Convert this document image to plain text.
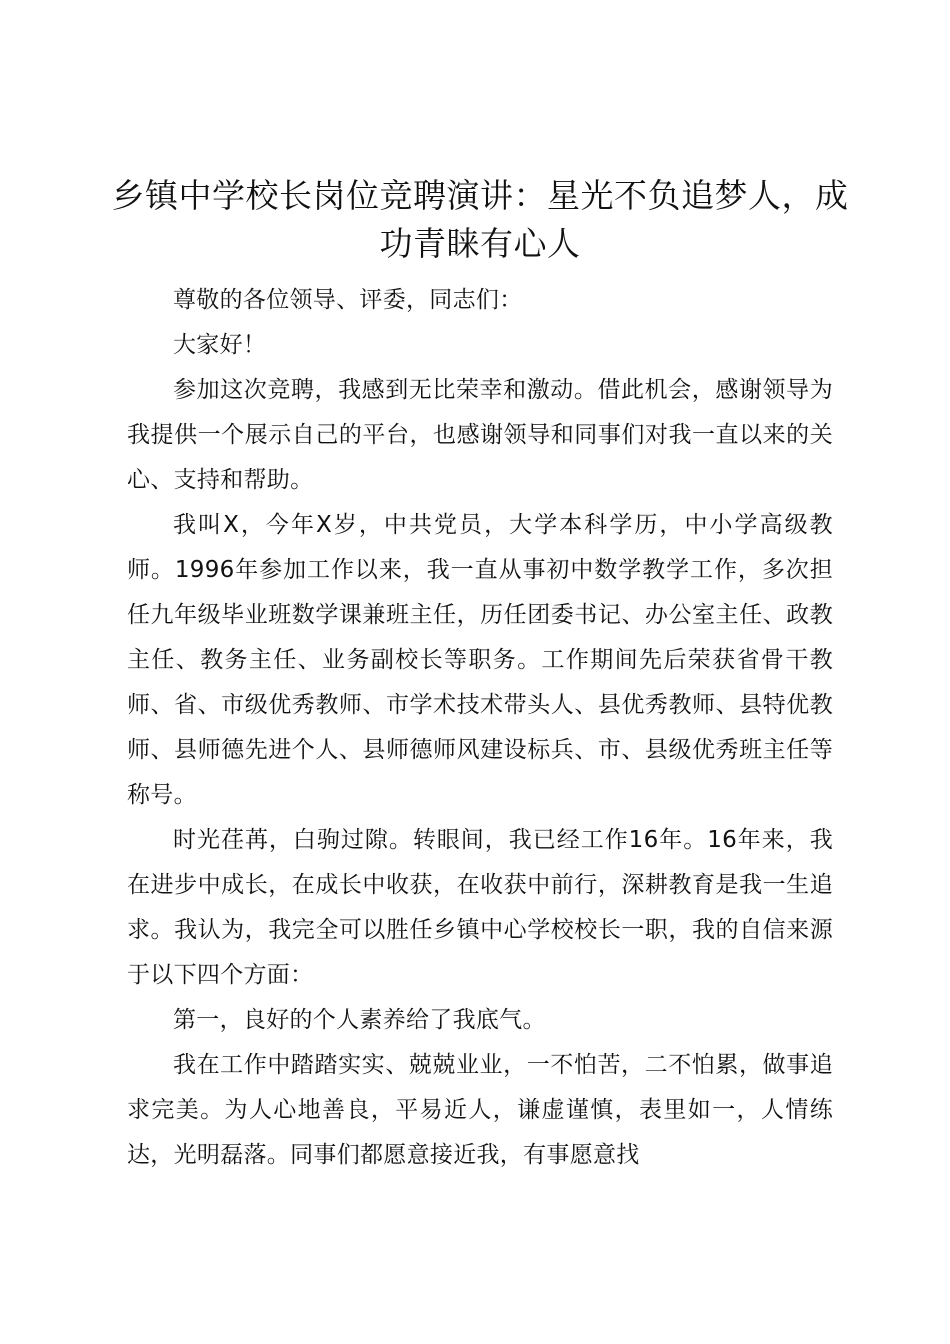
乡镇中学校长岗位竞聘演讲：星光不负追梦人，成功青睐有心人

尊敬的各位领导、评委，同志们：

大家好！

参加这次竞聘，我感到无比荣幸和激动。借此机会，感谢领导为我提供一个展示自己的平台，也感谢领导和同事们对我一直以来的关心、支持和帮助。

我叫X，今年X岁，中共党员，大学本科学历，中小学高级教师。1996年参加工作以来，我一直从事初中数学教学工作，多次担任九年级毕业班数学课兼班主任，历任团委书记、办公室主任、政教主任、教务主任、业务副校长等职务。工作期间先后荣获省骨干教师、省、市级优秀教师、市学术技术带头人、县优秀教师、县特优教师、县师德先进个人、县师德师风建设标兵、市、县级优秀班主任等称号。

时光荏苒，白驹过隙。转眼间，我已经工作16年。16年来，我在进步中成长，在成长中收获，在收获中前行，深耕教育是我一生追求。我认为，我完全可以胜任乡镇中心学校校长一职，我的自信来源于以下四个方面：

第一，良好的个人素养给了我底气。

我在工作中踏踏实实、兢兢业业，一不怕苦，二不怕累，做事追求完美。为人心地善良，平易近人，谦虚谨慎，表里如一，人情练达，光明磊落。同事们都愿意接近我，有事愿意找
